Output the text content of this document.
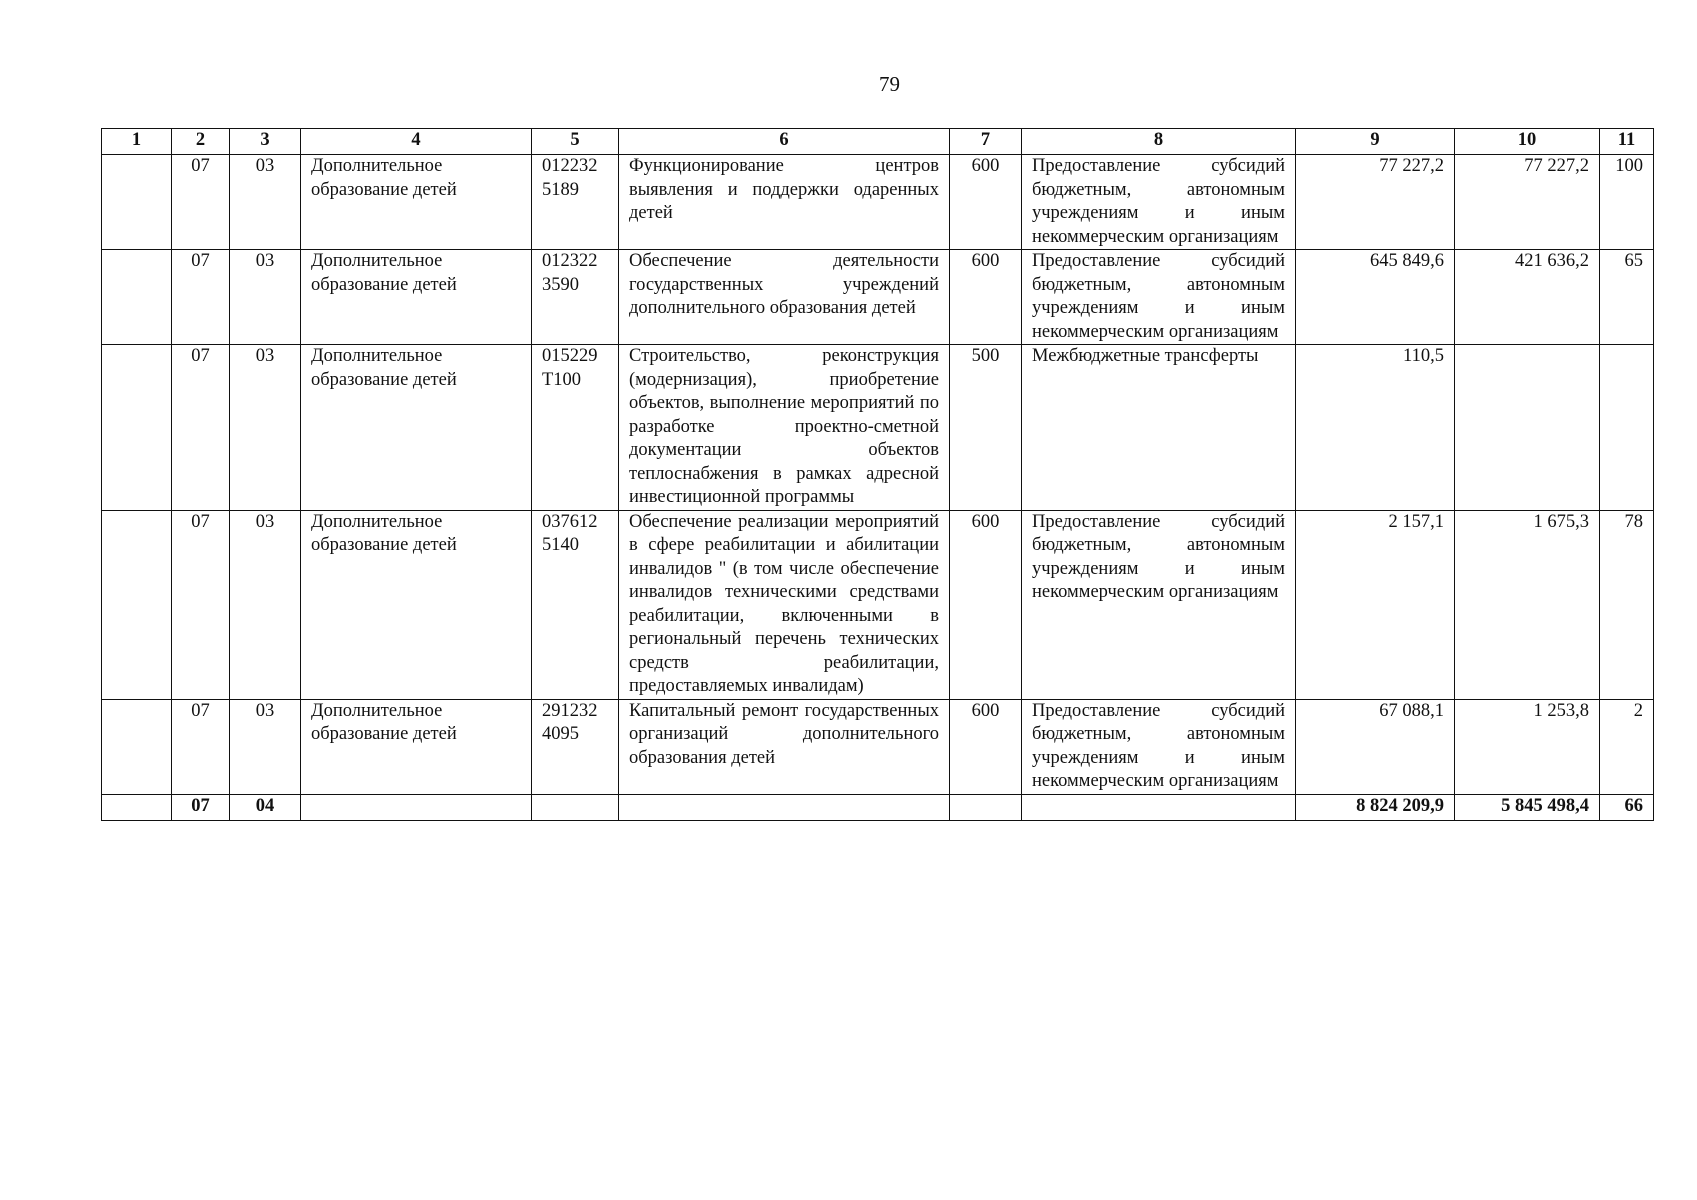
79
1	2	3	4	5	6	7	8	9	10	11
	07	03	Дополнительное образование детей	012232 5189	Функционирование центров выявления и поддержки одаренных детей	600	Предоставление субсидий бюджетным, автономным учреждениям и иным некоммерческим организациям	77 227,2	77 227,2	100
	07	03	Дополнительное образование детей	012322 3590	Обеспечение деятельности государственных учреждений дополнительного образования детей	600	Предоставление субсидий бюджетным, автономным учреждениям и иным некоммерческим организациям	645 849,6	421 636,2	65
	07	03	Дополнительное образование детей	015229 Т100	Строительство, реконструкция (модернизация), приобретение объектов, выполнение мероприятий по разработке проектно-сметной документации объектов теплоснабжения в рамках адресной инвестиционной программы	500	Межбюджетные трансферты	110,5		
	07	03	Дополнительное образование детей	037612 5140	Обеспечение реализации мероприятий в сфере реабилитации и абилитации инвалидов " (в том числе обеспечение инвалидов техническими средствами реабилитации, включенными в региональный перечень технических средств реабилитации, предоставляемых инвалидам)	600	Предоставление субсидий бюджетным, автономным учреждениям и иным некоммерческим организациям	2 157,1	1 675,3	78
	07	03	Дополнительное образование детей	291232 4095	Капитальный ремонт государственных организаций дополнительного образования детей	600	Предоставление субсидий бюджетным, автономным учреждениям и иным некоммерческим организациям	67 088,1	1 253,8	2
	07	04						8 824 209,9	5 845 498,4	66
